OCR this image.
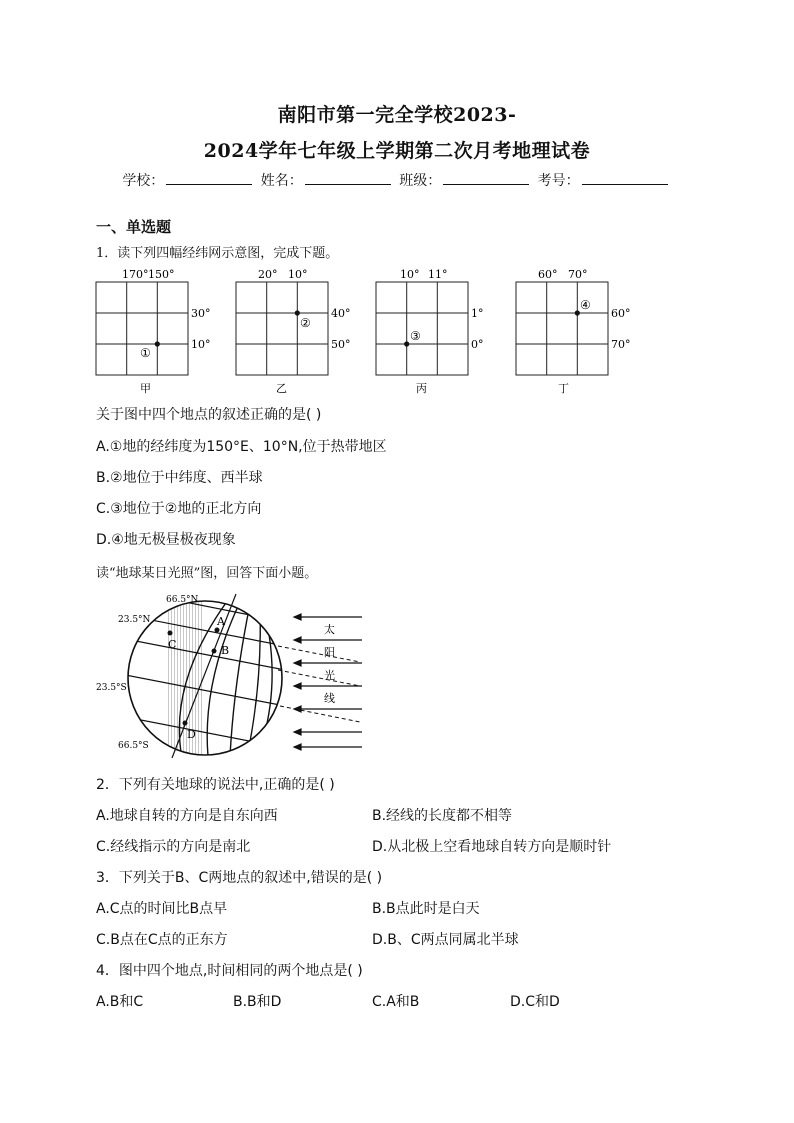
南阳市第一完全学校2023-
2024学年七年级上学期第二次月考地理试卷
学校：	姓名：	班级：	考号：
一、单选题
1．读下列四幅经纬网示意图，完成下题。
170° 150°
①
30°
10°
甲
20° 10°
②
40°
50°
乙
10° 11°
③
1°
0°
丙
60° 70°
④
60°
70°
丁
关于图中四个地点的叙述正确的是( )
A.①地的经纬度为150°E、10°N,位于热带地区
B.②地位于中纬度、西半球
C.③地位于②地的正北方向
D.④地无极昼极夜现象
读“地球某日光照”图，回答下面小题。
A
B
C
D
66.5°N
23.5°N
23.5°S
66.5°S
太
阳
光
线
2．下列有关地球的说法中,正确的是( )
A.地球自转的方向是自东向西	B.经线的长度都不相等
C.经线指示的方向是南北	D.从北极上空看地球自转方向是顺时针
3．下列关于B、C两地点的叙述中,错误的是( )
A.C点的时间比B点早	B.B点此时是白天
C.B点在C点的正东方	D.B、C两点同属北半球
4．图中四个地点,时间相同的两个地点是( )
A.B和C	B.B和D	C.A和B	D.C和D
